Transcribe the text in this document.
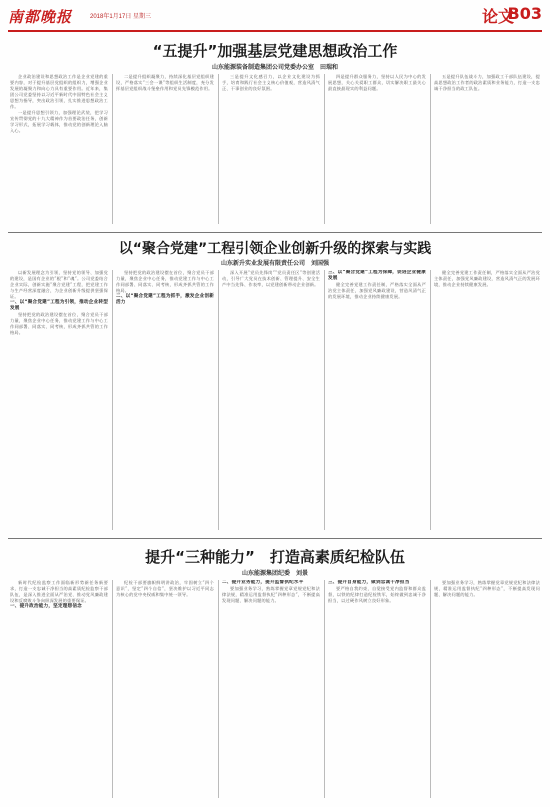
南都晚报	2018年1月17日 星期三	论文
B03
“五提升”加强基层党建思想政治工作
山东能源装备制造集团公司党委办公室　田瑞和

企业政治建设和思想政治工作是企业党建的重要内容，对于提升基层党组织的组织力，增强企业发展的凝聚力和向心力具有重要作用。近年来，集团公司党委坚持以习近平新时代中国特色社会主义思想为指导，突出政治引领，扎实推进思想政治工作。

一是提升思想引领力，加强理论武装，把学习宣传贯彻党的十九大精神作为首要政治任务，创新学习形式，拓展学习载体，推动党的创新理论入脑入心。

二是提升组织凝聚力，持续深化基层党组织建设，严格落实“三会一课”等组织生活制度，充分发挥基层党组织战斗堡垒作用和党员先锋模范作用。

三是提升文化感召力，以企业文化建设为抓手，培育和践行社会主义核心价值观，营造风清气正、干事创业的良好氛围。

四是提升群众服务力，坚持以人民为中心的发展思想，关心关爱职工群众，切实解决职工最关心最直接最现实的利益问题。

五是提升队伍战斗力，加强政工干部队伍建设，提高思想政治工作者的政治素质和业务能力，打造一支忠诚干净担当的政工队伍。

以“聚合党建”工程引领企业创新升级的探索与实践
山东新升实业发展有限责任公司　刘国强

以新发展理念为引领，坚持党的领导、加强党的建设，是国有企业的“根”和“魂”。公司党委结合企业实际，创新实施“聚合党建”工程，把党建工作与生产经营深度融合，为企业创新升级提供坚强保证。

一、以“聚合党建”工程为引领，推动企业转型发展

坚持把党的政治建设摆在首位，聚合党员干部力量，聚焦企业中心任务，推动党建工作与中心工作同部署、同落实、同考核，形成齐抓共管的工作格局。

坚持把党的政治建设摆在首位，聚合党员干部力量，聚焦企业中心任务，推动党建工作与中心工作同部署、同落实、同考核，形成齐抓共管的工作格局。

二、以“聚合党建”工程为抓手，激发企业创新活力

深入开展“党员先锋岗”“党员责任区”等创建活动，引导广大党员在技术创新、管理提升、安全生产中当先锋、作表率，以党建创新带动企业创新。

三、以“聚合党建”工程为保障，促进企业健康发展

健全完善党建工作责任制，严格落实全面从严治党主体责任，加强党风廉政建设，营造风清气正的发展环境，推动企业持续健康发展。

健全完善党建工作责任制，严格落实全面从严治党主体责任，加强党风廉政建设，营造风清气正的发展环境，推动企业持续健康发展。

提升“三种能力”　打造高素质纪检队伍
山东能源集团纪委　刘景

新时代纪检监察工作面临新形势新任务新要求，打造一支忠诚干净担当的高素质纪检监察干部队伍，是深入推进全面从严治党、推动党风廉政建设和反腐败斗争向纵深发展的重要保证。

一、提升政治能力，坚定理想信念

纪检干部要旗帜鲜明讲政治，牢固树立“四个意识”，坚定“四个自信”，坚决维护以习近平同志为核心的党中央权威和集中统一领导。

二、提升业务能力，提升监督执纪水平

要加强业务学习，熟练掌握党章党规党纪和法律法规，精准运用监督执纪“四种形态”，不断提高发现问题、解决问题的能力。

三、提升自身能力，做到忠诚干净担当

要严格自我约束，自觉接受党内监督和群众监督，以铁的纪律打造纪检铁军，始终做到忠诚干净担当，以过硬作风树立良好形象。

要加强业务学习，熟练掌握党章党规党纪和法律法规，精准运用监督执纪“四种形态”，不断提高发现问题、解决问题的能力。
